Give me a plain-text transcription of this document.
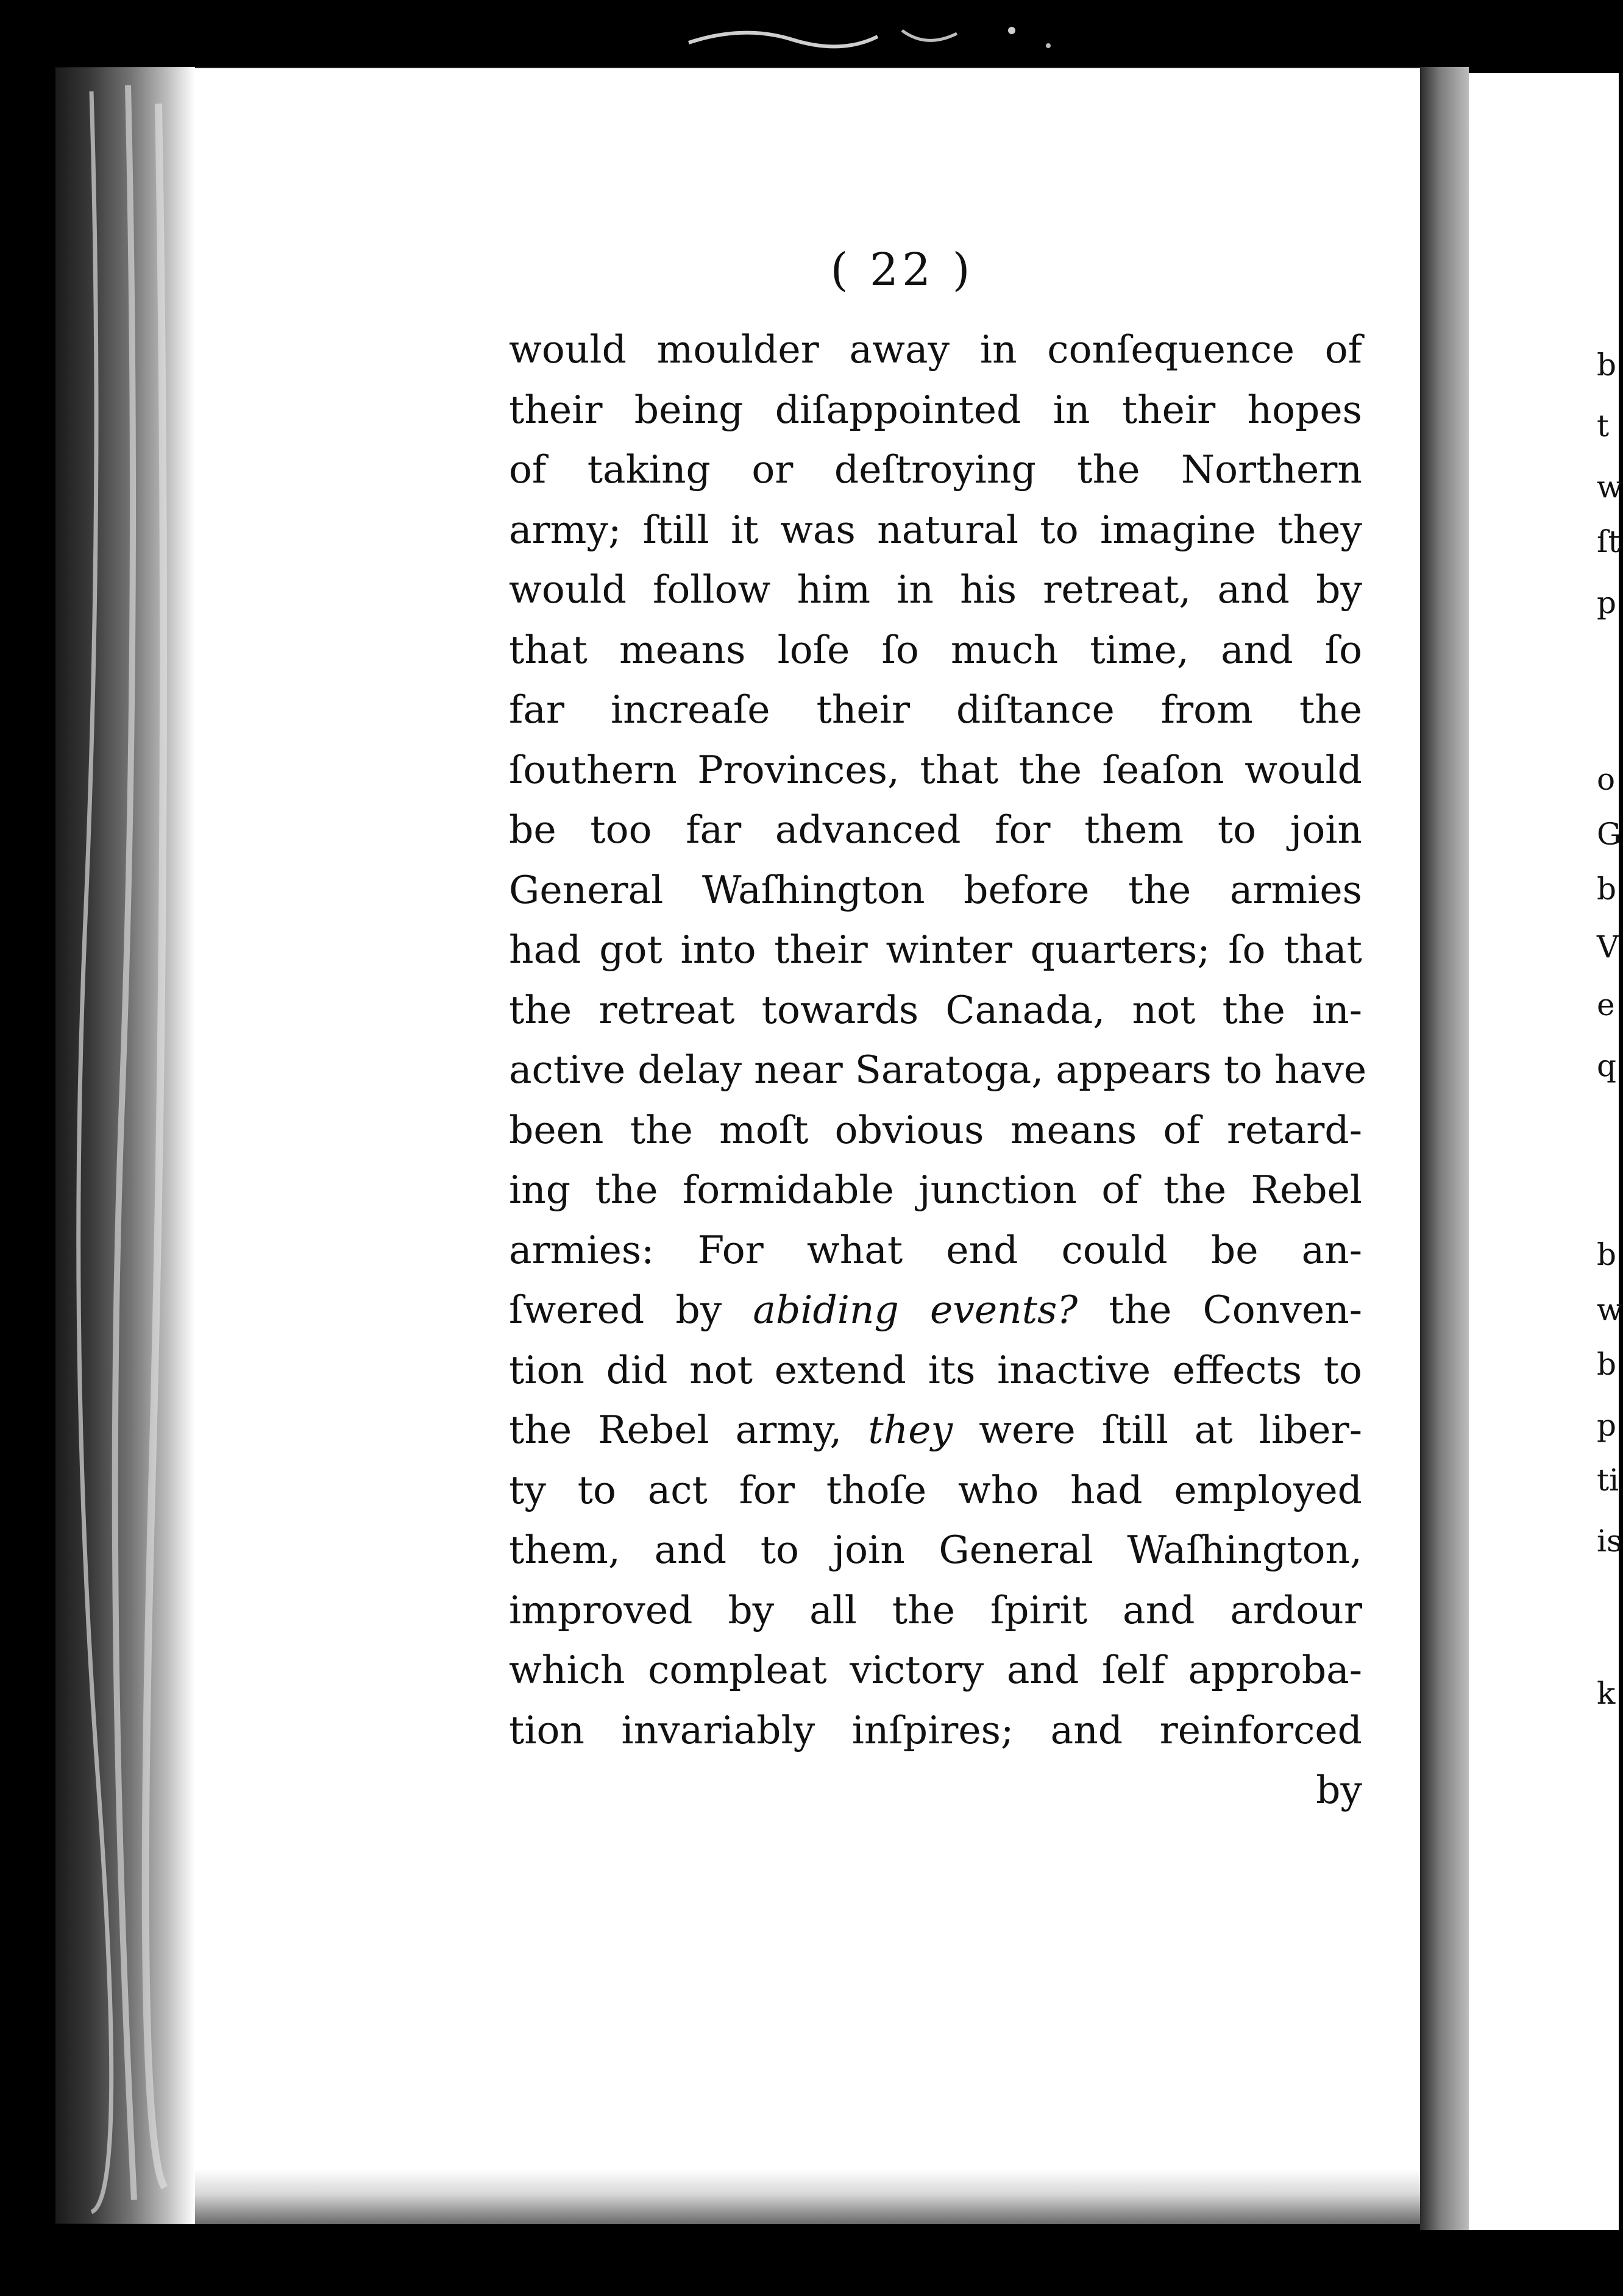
b
t
w
ſt
p
o
G
b
V
e
q
b
w
b
p
ti
is
k
( 22 )
would moulder away in conſequence of
their being diſappointed in their hopes
of taking or deſtroying the Northern
army; ſtill it was natural to imagine they
would follow him in his retreat, and by
that means loſe ſo much time, and ſo
far increaſe their diſtance from the
ſouthern Provinces, that the ſeaſon would
be too far advanced for them to join
General Waſhington before the armies
had got into their winter quarters; ſo that
the retreat towards Canada, not the in-
active delay near Saratoga, appears to have
been the moſt obvious means of retard-
ing the formidable junction of the Rebel
armies: For what end could be an-
ſwered by abiding events? the Conven-
tion did not extend its inactive effects to
the Rebel army, they were ſtill at liber-
ty to act for thoſe who had employed
them, and to join General Waſhington,
improved by all the ſpirit and ardour
which compleat victory and ſelf approba-
tion invariably inſpires; and reinforced
by
